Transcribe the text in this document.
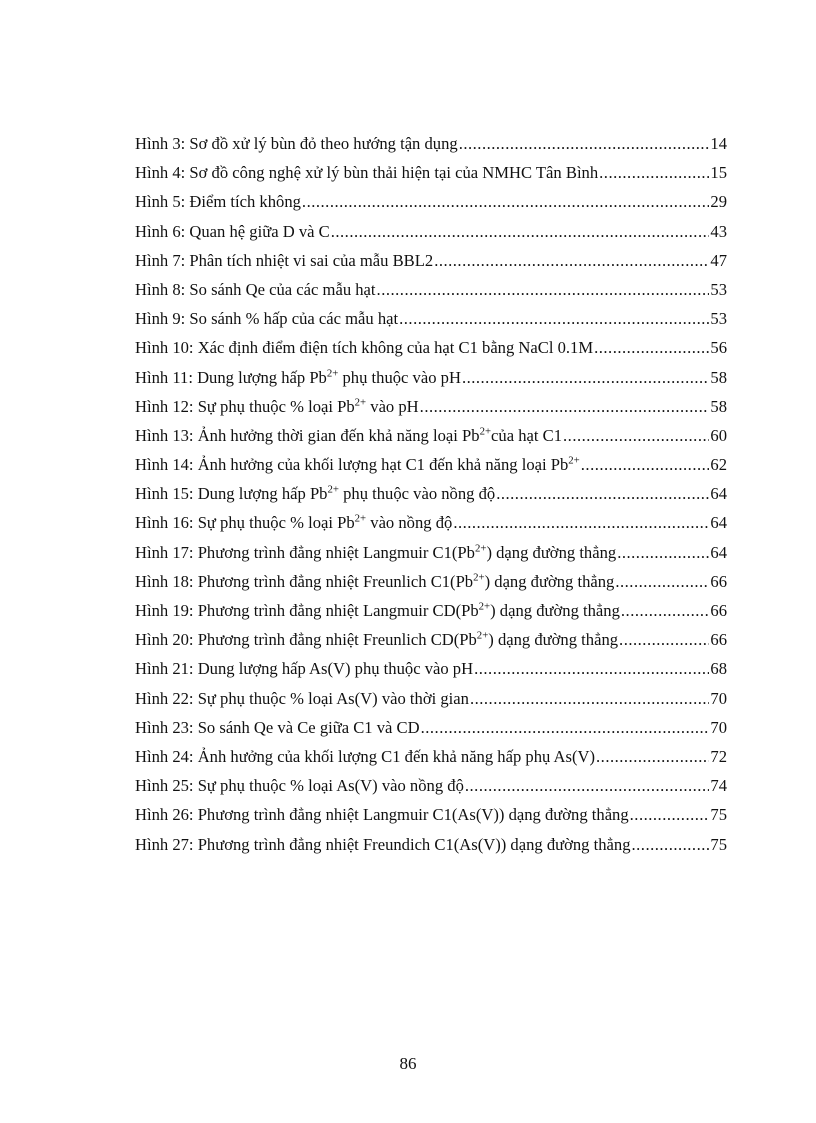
Hình 3: Sơ đồ xử lý bùn đỏ theo hướng tận dụng .....	14
Hình 4: Sơ đồ công nghệ xử lý bùn thải hiện tại của NMHC Tân Bình .....	15
Hình 5: Điểm tích không .....	29
Hình 6: Quan hệ giữa D và C .....	43
Hình 7: Phân tích nhiệt vi sai của mẫu BBL2 .....	47
Hình 8: So sánh Qe của các mẫu hạt .....	53
Hình 9: So sánh % hấp của các mẫu hạt .....	53
Hình 10: Xác định điểm điện tích không của hạt C1 bằng NaCl 0.1M .....	56
Hình 11: Dung lượng hấp $Pb^{2+}$ phụ thuộc vào pH .....	58
Hình 12: Sự phụ thuộc % loại $Pb^{2+}$ vào pH .....	58
Hình 13: Ảnh hưởng thời gian đến khả năng loại $Pb^{2+}của$ hạt C1 .....	60
Hình 14: Ảnh hưởng của khối lượng hạt C1 đến khả năng loại $Pb^{2+}$ .....	62
Hình 15: Dung lượng hấp $Pb^{2+}$ phụ thuộc vào nồng độ .....	64
Hình 16: Sự phụ thuộc % loại $Pb^{2+}$ vào nồng độ .....	64
Hình 17: Phương trình đẳng nhiệt Langmuir $C1(Pb^{2+})$ dạng đường thẳng .....	64
Hình 18: Phương trình đẳng nhiệt Freunlich $C1(Pb^{2+})$ dạng đường thẳng .....	66
Hình 19: Phương trình đẳng nhiệt Langmuir $CD(Pb^{2+})$ dạng đường thẳng .....	66
Hình 20: Phương trình đẳng nhiệt Freunlich $CD(Pb^{2+})$ dạng đường thẳng .....	66
Hình 21: Dung lượng hấp As(V) phụ thuộc vào pH .....	68
Hình 22: Sự phụ thuộc % loại As(V) vào thời gian .....	70
Hình 23: So sánh Qe và Ce giữa C1 và CD .....	70
Hình 24: Ảnh hưởng của khối lượng C1 đến khả năng hấp phụ As(V) .....	72
Hình 25: Sự phụ thuộc % loại As(V) vào nồng độ .....	74
Hình 26: Phương trình đẳng nhiệt Langmuir C1(As(V)) dạng đường thẳng .....	75
Hình 27: Phương trình đẳng nhiệt Freundich C1(As(V)) dạng đường thẳng .....	75
86
